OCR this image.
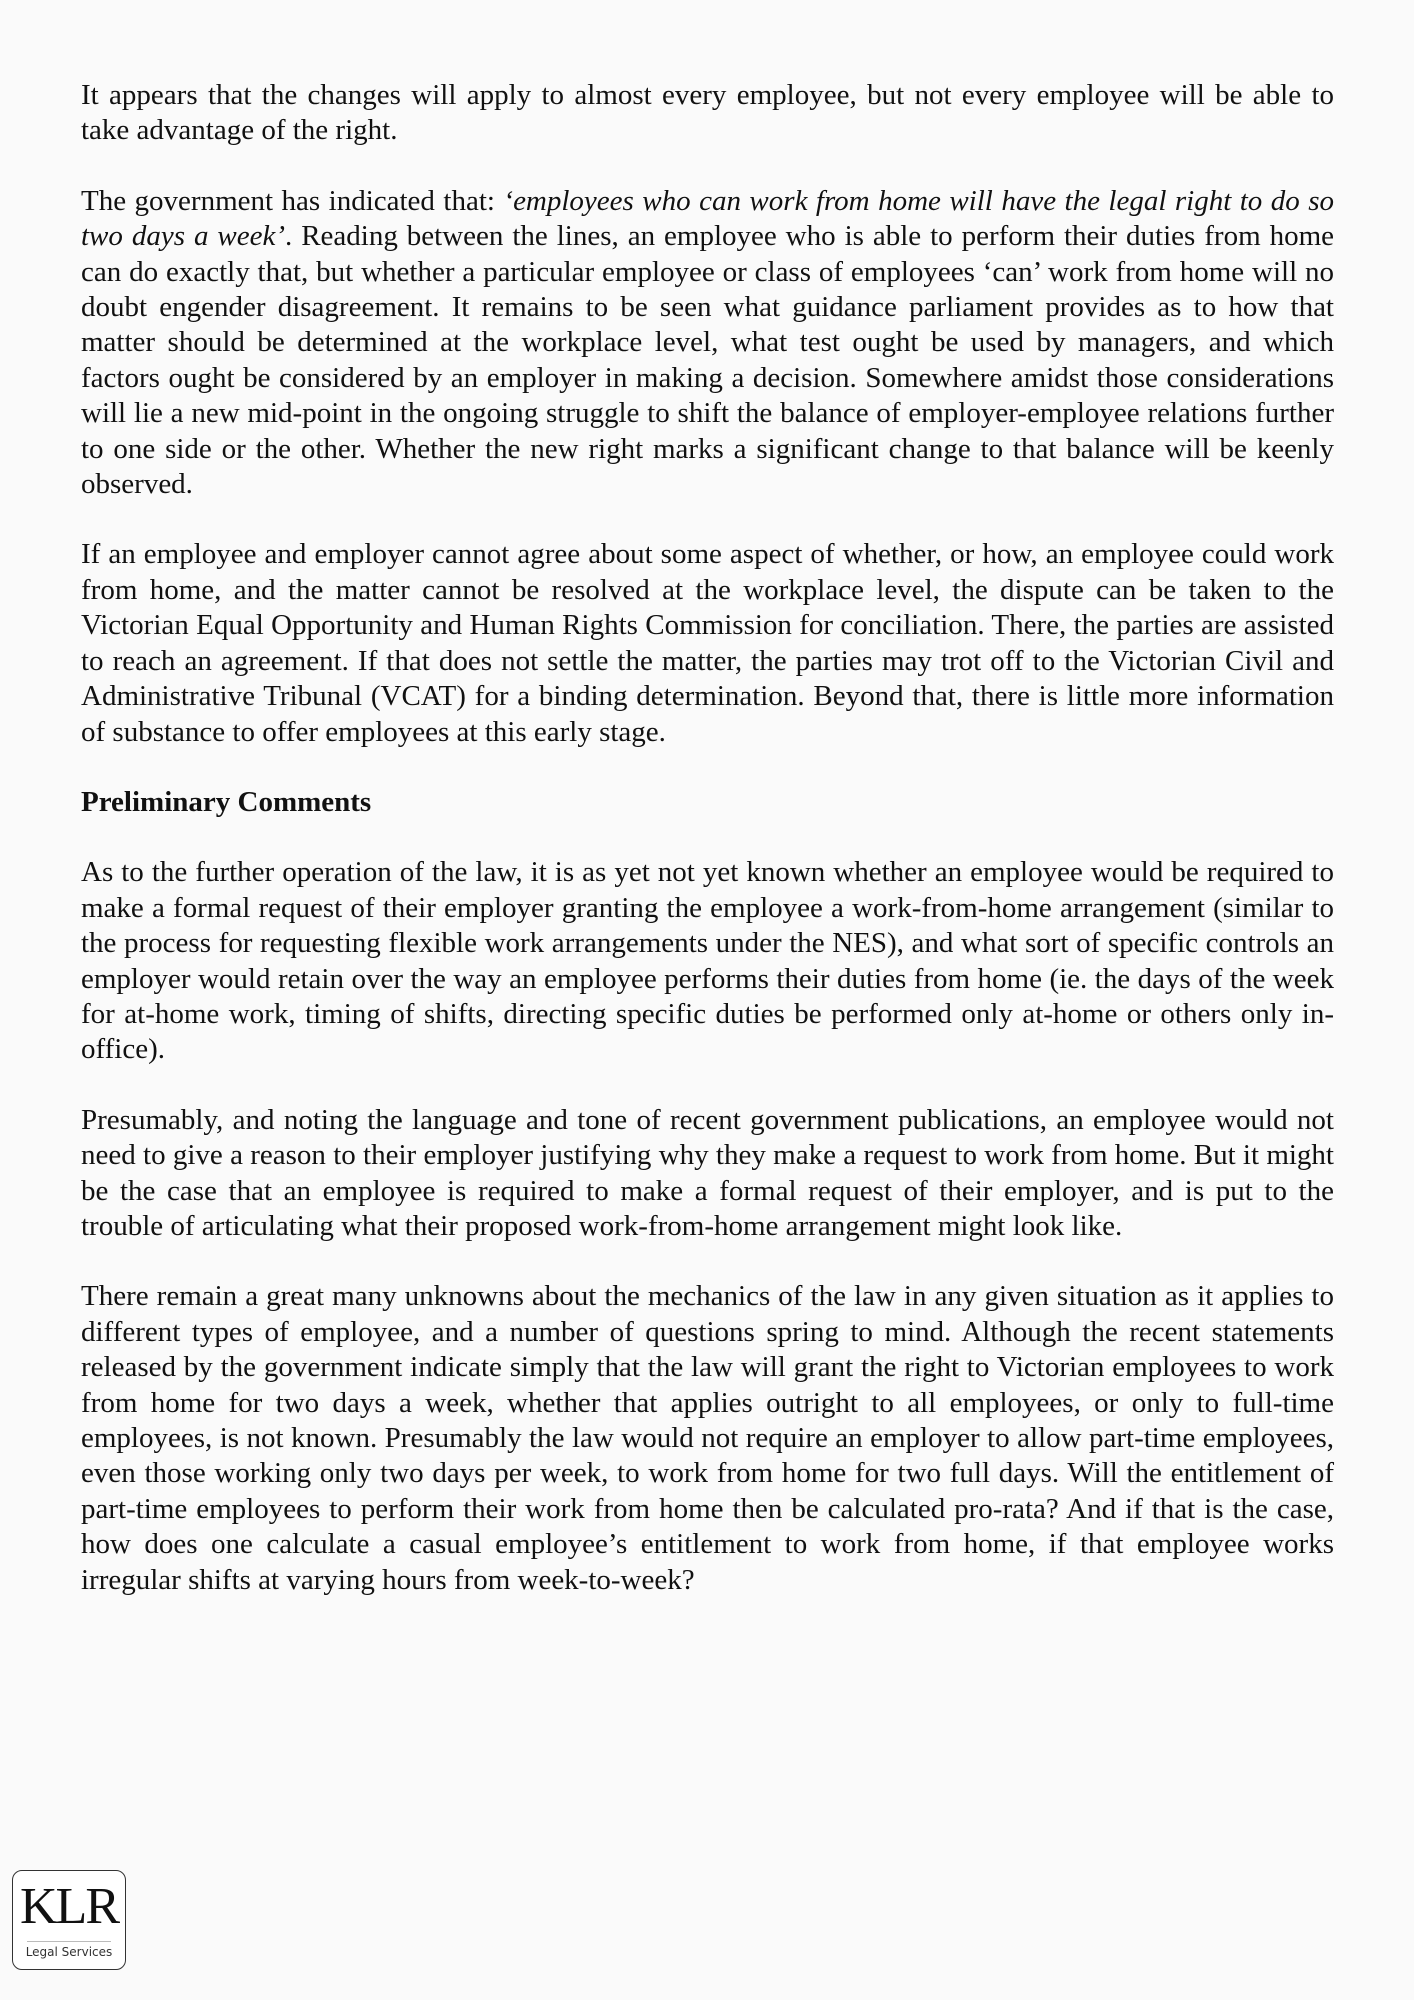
It appears that the changes will apply to almost every employee, but not every employee will be able to take advantage of the right.

The government has indicated that: ‘employees who can work from home will have the legal right to do so two days a week’. Reading between the lines, an employee who is able to perform their duties from home can do exactly that, but whether a particular employee or class of employees ‘can’ work from home will no doubt engender disagreement. It remains to be seen what guidance parliament provides as to how that matter should be determined at the workplace level, what test ought be used by managers, and which factors ought be considered by an employer in making a decision. Somewhere amidst those considerations will lie a new mid-point in the ongoing struggle to shift the balance of employer-employee relations further to one side or the other. Whether the new right marks a significant change to that balance will be keenly observed.

If an employee and employer cannot agree about some aspect of whether, or how, an employee could work from home, and the matter cannot be resolved at the workplace level, the dispute can be taken to the Victorian Equal Opportunity and Human Rights Commission for conciliation. There, the parties are assisted to reach an agreement. If that does not settle the matter, the parties may trot off to the Victorian Civil and Administrative Tribunal (VCAT) for a binding determination. Beyond that, there is little more information of substance to offer employees at this early stage.

Preliminary Comments

As to the further operation of the law, it is as yet not yet known whether an employee would be required to make a formal request of their employer granting the employee a work-from-home arrangement (similar to the process for requesting flexible work arrangements under the NES), and what sort of specific controls an employer would retain over the way an employee performs their duties from home (ie. the days of the week for at-home work, timing of shifts, directing specific duties be performed only at-home or others only in-office).

Presumably, and noting the language and tone of recent government publications, an employee would not need to give a reason to their employer justifying why they make a request to work from home. But it might be the case that an employee is required to make a formal request of their employer, and is put to the trouble of articulating what their proposed work-from-home arrangement might look like.

There remain a great many unknowns about the mechanics of the law in any given situation as it applies to different types of employee, and a number of questions spring to mind. Although the recent statements released by the government indicate simply that the law will grant the right to Victorian employees to work from home for two days a week, whether that applies outright to all employees, or only to full-time employees, is not known. Presumably the law would not require an employer to allow part-time employees, even those working only two days per week, to work from home for two full days. Will the entitlement of part-time employees to perform their work from home then be calculated pro-rata? And if that is the case, how does one calculate a casual employee’s entitlement to work from home, if that employee works irregular shifts at varying hours from week-to-week?

KLR
Legal Services
